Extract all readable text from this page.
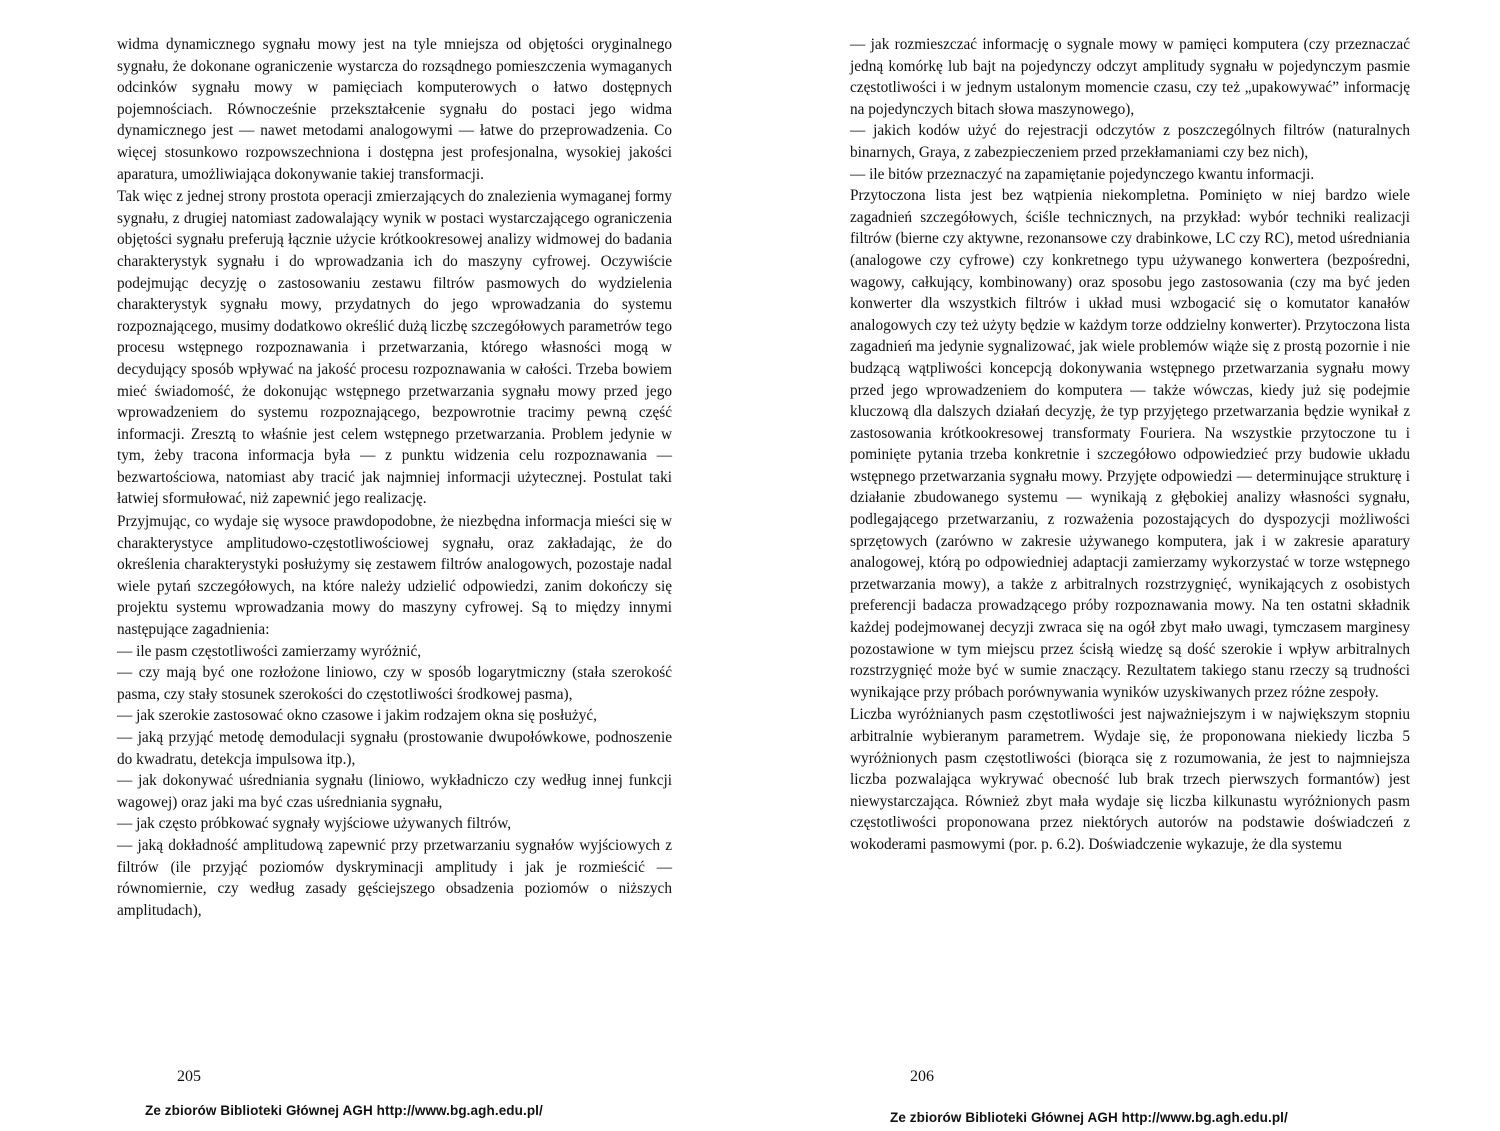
widma dynamicznego sygnału mowy jest na tyle mniejsza od objętości oryginalnego sygnału, że dokonane ograniczenie wystarcza do rozsądnego pomieszczenia wymaganych odcinków sygnału mowy w pamięciach komputerowych o łatwo dostępnych pojemnościach. Równocześnie przekształcenie sygnału do postaci jego widma dynamicznego jest — nawet metodami analogowymi — łatwe do przeprowadzenia. Co więcej stosunkowo rozpowszechniona i dostępna jest profesjonalna, wysokiej jakości aparatura, umożliwiająca dokonywanie takiej transformacji.

Tak więc z jednej strony prostota operacji zmierzających do znalezienia wymaganej formy sygnału, z drugiej natomiast zadowalający wynik w postaci wystarczającego ograniczenia objętości sygnału preferują łącznie użycie krótkookresowej analizy widmowej do badania charakterystyk sygnału i do wprowadzania ich do maszyny cyfrowej. Oczywiście podejmując decyzję o zastosowaniu zestawu filtrów pasmowych do wydzielenia charakterystyk sygnału mowy, przydatnych do jego wprowadzania do systemu rozpoznającego, musimy dodatkowo określić dużą liczbę szczegółowych parametrów tego procesu wstępnego rozpoznawania i przetwarzania, którego własności mogą w decydujący sposób wpływać na jakość procesu rozpoznawania w całości. Trzeba bowiem mieć świadomość, że dokonując wstępnego przetwarzania sygnału mowy przed jego wprowadzeniem do systemu rozpoznającego, bezpowrotnie tracimy pewną część informacji. Zresztą to właśnie jest celem wstępnego przetwarzania. Problem jedynie w tym, żeby tracona informacja była — z punktu widzenia celu rozpoznawania — bezwartościowa, natomiast aby tracić jak najmniej informacji użytecznej. Postulat taki łatwiej sformułować, niż zapewnić jego realizację.

Przyjmując, co wydaje się wysoce prawdopodobne, że niezbędna informacja mieści się w charakterystyce amplitudowo-częstotliwościowej sygnału, oraz zakładając, że do określenia charakterystyki posłużymy się zestawem filtrów analogowych, pozostaje nadal wiele pytań szczegółowych, na które należy udzielić odpowiedzi, zanim dokończy się projektu systemu wprowadzania mowy do maszyny cyfrowej. Są to między innymi następujące zagadnienia:

— ile pasm częstotliwości zamierzamy wyróżnić,

— czy mają być one rozłożone liniowo, czy w sposób logarytmiczny (stała szerokość pasma, czy stały stosunek szerokości do częstotliwości środkowej pasma),

— jak szerokie zastosować okno czasowe i jakim rodzajem okna się posłużyć,

— jaką przyjąć metodę demodulacji sygnału (prostowanie dwupołówkowe, podnoszenie do kwadratu, detekcja impulsowa itp.),

— jak dokonywać uśredniania sygnału (liniowo, wykładniczo czy według innej funkcji wagowej) oraz jaki ma być czas uśredniania sygnału,

— jak często próbkować sygnały wyjściowe używanych filtrów,

— jaką dokładność amplitudową zapewnić przy przetwarzaniu sygnałów wyjściowych z filtrów (ile przyjąć poziomów dyskryminacji amplitudy i jak je rozmieścić — równomiernie, czy według zasady gęściejszego obsadzenia poziomów o niższych amplitudach),

205
Ze zbiorów Biblioteki Głównej AGH http://www.bg.agh.edu.pl/

— jak rozmieszczać informację o sygnale mowy w pamięci komputera (czy przeznaczać jedną komórkę lub bajt na pojedynczy odczyt amplitudy sygnału w pojedynczym pasmie częstotliwości i w jednym ustalonym momencie czasu, czy też „upakowywać” informację na pojedynczych bitach słowa maszynowego),

— jakich kodów użyć do rejestracji odczytów z poszczególnych filtrów (naturalnych binarnych, Graya, z zabezpieczeniem przed przekłamaniami czy bez nich),

— ile bitów przeznaczyć na zapamiętanie pojedynczego kwantu informacji.

Przytoczona lista jest bez wątpienia niekompletna. Pominięto w niej bardzo wiele zagadnień szczegółowych, ściśle technicznych, na przykład: wybór techniki realizacji filtrów (bierne czy aktywne, rezonansowe czy drabinkowe, LC czy RC), metod uśredniania (analogowe czy cyfrowe) czy konkretnego typu używanego konwertera (bezpośredni, wagowy, całkujący, kombinowany) oraz sposobu jego zastosowania (czy ma być jeden konwerter dla wszystkich filtrów i układ musi wzbogacić się o komutator kanałów analogowych czy też użyty będzie w każdym torze oddzielny konwerter). Przytoczona lista zagadnień ma jedynie sygnalizować, jak wiele problemów wiąże się z prostą pozornie i nie budzącą wątpliwości koncepcją dokonywania wstępnego przetwarzania sygnału mowy przed jego wprowadzeniem do komputera — także wówczas, kiedy już się podejmie kluczową dla dalszych działań decyzję, że typ przyjętego przetwarzania będzie wynikał z zastosowania krótkookresowej transformaty Fouriera. Na wszystkie przytoczone tu i pominięte pytania trzeba konkretnie i szczegółowo odpowiedzieć przy budowie układu wstępnego przetwarzania sygnału mowy. Przyjęte odpowiedzi — determinujące strukturę i działanie zbudowanego systemu — wynikają z głębokiej analizy własności sygnału, podlegającego przetwarzaniu, z rozważenia pozostających do dyspozycji możliwości sprzętowych (zarówno w zakresie używanego komputera, jak i w zakresie aparatury analogowej, którą po odpowiedniej adaptacji zamierzamy wykorzystać w torze wstępnego przetwarzania mowy), a także z arbitralnych rozstrzygnięć, wynikających z osobistych preferencji badacza prowadzącego próby rozpoznawania mowy. Na ten ostatni składnik każdej podejmowanej decyzji zwraca się na ogół zbyt mało uwagi, tymczasem marginesy pozostawione w tym miejscu przez ścisłą wiedzę są dość szerokie i wpływ arbitralnych rozstrzygnięć może być w sumie znaczący. Rezultatem takiego stanu rzeczy są trudności wynikające przy próbach porównywania wyników uzyskiwanych przez różne zespoły.

Liczba wyróżnianych pasm częstotliwości jest najważniejszym i w największym stopniu arbitralnie wybieranym parametrem. Wydaje się, że proponowana niekiedy liczba 5 wyróżnionych pasm częstotliwości (biorąca się z rozumowania, że jest to najmniejsza liczba pozwalająca wykrywać obecność lub brak trzech pierwszych formantów) jest niewystarczająca. Również zbyt mała wydaje się liczba kilkunastu wyróżnionych pasm częstotliwości proponowana przez niektórych autorów na podstawie doświadczeń z wokoderami pasmowymi (por. p. 6.2). Doświadczenie wykazuje, że dla systemu

206
Ze zbiorów Biblioteki Głównej AGH http://www.bg.agh.edu.pl/
